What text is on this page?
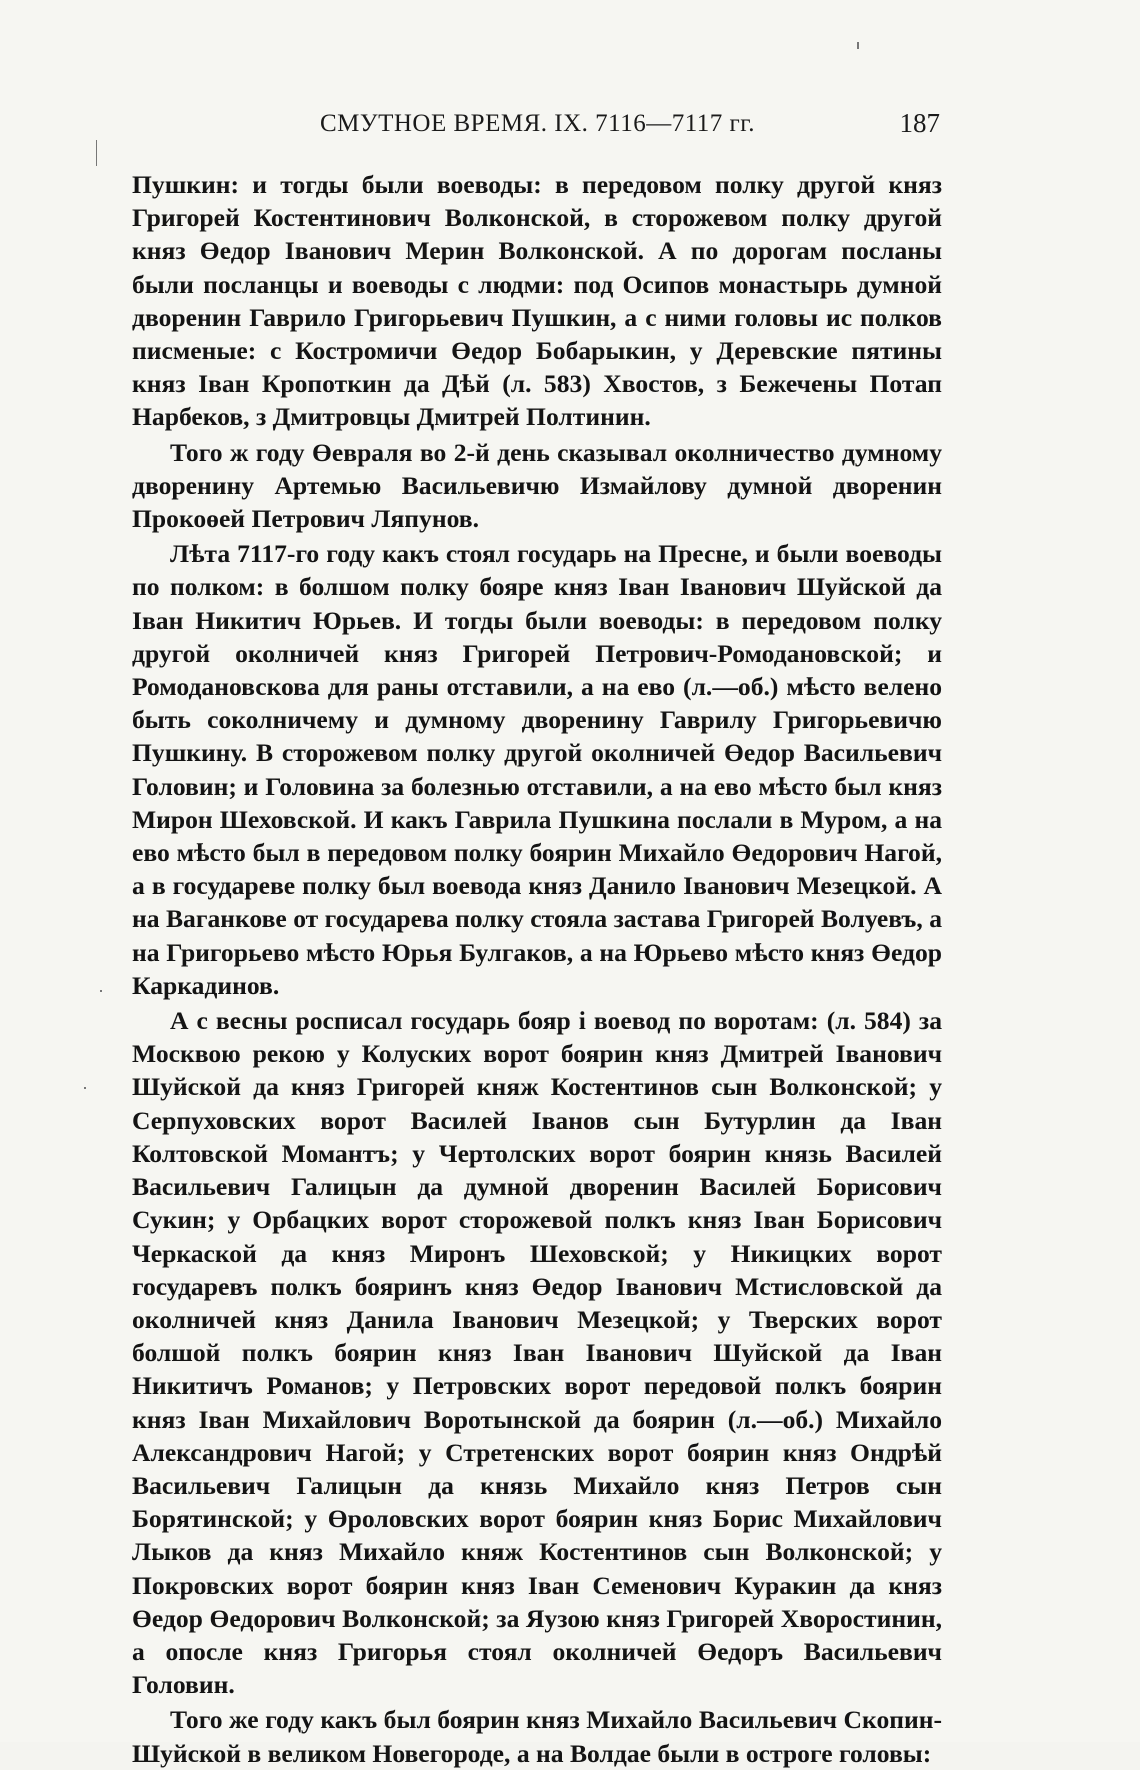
СМУТНОЕ ВРЕМЯ. IX. 7116—7117 гг.	187

Пушкин: и тогды были воеводы: в передовом полку другой княз Григорей Костентинович Волконской, в сторожевом полку другой княз Өедор Іванович Мерин Волконской. А по дорогам посланы были посланцы и воеводы с людми: под Осипов монастырь думной дворенин Гаврило Григорьевич Пушкин, а с ними головы ис полков писменые: с Костромичи Өедор Бобарыкин, у Деревские пятины княз Іван Кропоткин да Дѣй (л. 583) Хвостов, з Бежечены Потап Нарбеков, з Дмитровцы Дмитрей Полтинин.

Того ж году Өевраля во 2-й день сказывал околничество думному дворенину Артемью Васильевичю Измайлову думной дворенин Прокоөей Петрович Ляпунов.

Лѣта 7117-го году какъ стоял государь на Пресне, и были воеводы по полком: в болшом полку бояре княз Іван Іванович Шуйской да Іван Никитич Юрьев. И тогды были воеводы: в передовом полку другой околничей княз Григорей Петрович-Ромодановской; и Ромодановскова для раны отставили, а на ево (л.—об.) мѣсто велено быть соколничему и думному дворенину Гаврилу Григорьевичю Пушкину. В сторожевом полку другой околничей Өедор Васильевич Головин; и Головина за болезнью отставили, а на ево мѣсто был княз Мирон Шеховской. И какъ Гаврила Пушкина послали в Муром, а на ево мѣсто был в передовом полку боярин Михайло Өедорович Нагой, а в государеве полку был воевода княз Данило Іванович Мезецкой. А на Ваганкове от государева полку стояла застава Григорей Волуевъ, а на Григорьево мѣсто Юрья Булгаков, а на Юрьево мѣсто княз Өедор Каркадинов.

А с весны росписал государь бояр і воевод по воротам: (л. 584) за Москвою рекою у Колуских ворот боярин княз Дмитрей Іванович Шуйской да княз Григорей княж Костентинов сын Волконской; у Серпуховских ворот Василей Іванов сын Бутурлин да Іван Колтовской Момантъ; у Чертолских ворот боярин князь Василей Васильевич Галицын да думной дворенин Василей Борисович Сукин; у Орбацких ворот сторожевой полкъ княз Іван Борисович Черкаской да княз Миронъ Шеховской; у Никицких ворот государевъ полкъ бояринъ княз Өедор Іванович Мстисловской да околничей княз Данила Іванович Мезецкой; у Тверских ворот болшой полкъ боярин княз Іван Іванович Шуйской да Іван Никитичъ Романов; у Петровских ворот передовой полкъ боярин княз Іван Михайлович Воротынской да боярин (л.—об.) Михайло Александрович Нагой; у Стретенских ворот боярин княз Ондрѣй Васильевич Галицын да князь Михайло княз Петров сын Борятинской; у Өроловских ворот боярин княз Борис Михайлович Лыков да княз Михайло княж Костентинов сын Волконской; у Покровских ворот боярин княз Іван Семенович Куракин да княз Өедор Өедорович Волконской; за Яузою княз Григорей Хворостинин, а опосле княз Григорья стоял околничей Өедоръ Васильевич Головин.

Того же году какъ был боярин княз Михайло Васильевич Скопин-Шуйской в великом Новегороде, а на Волдае были в остроге головы:
